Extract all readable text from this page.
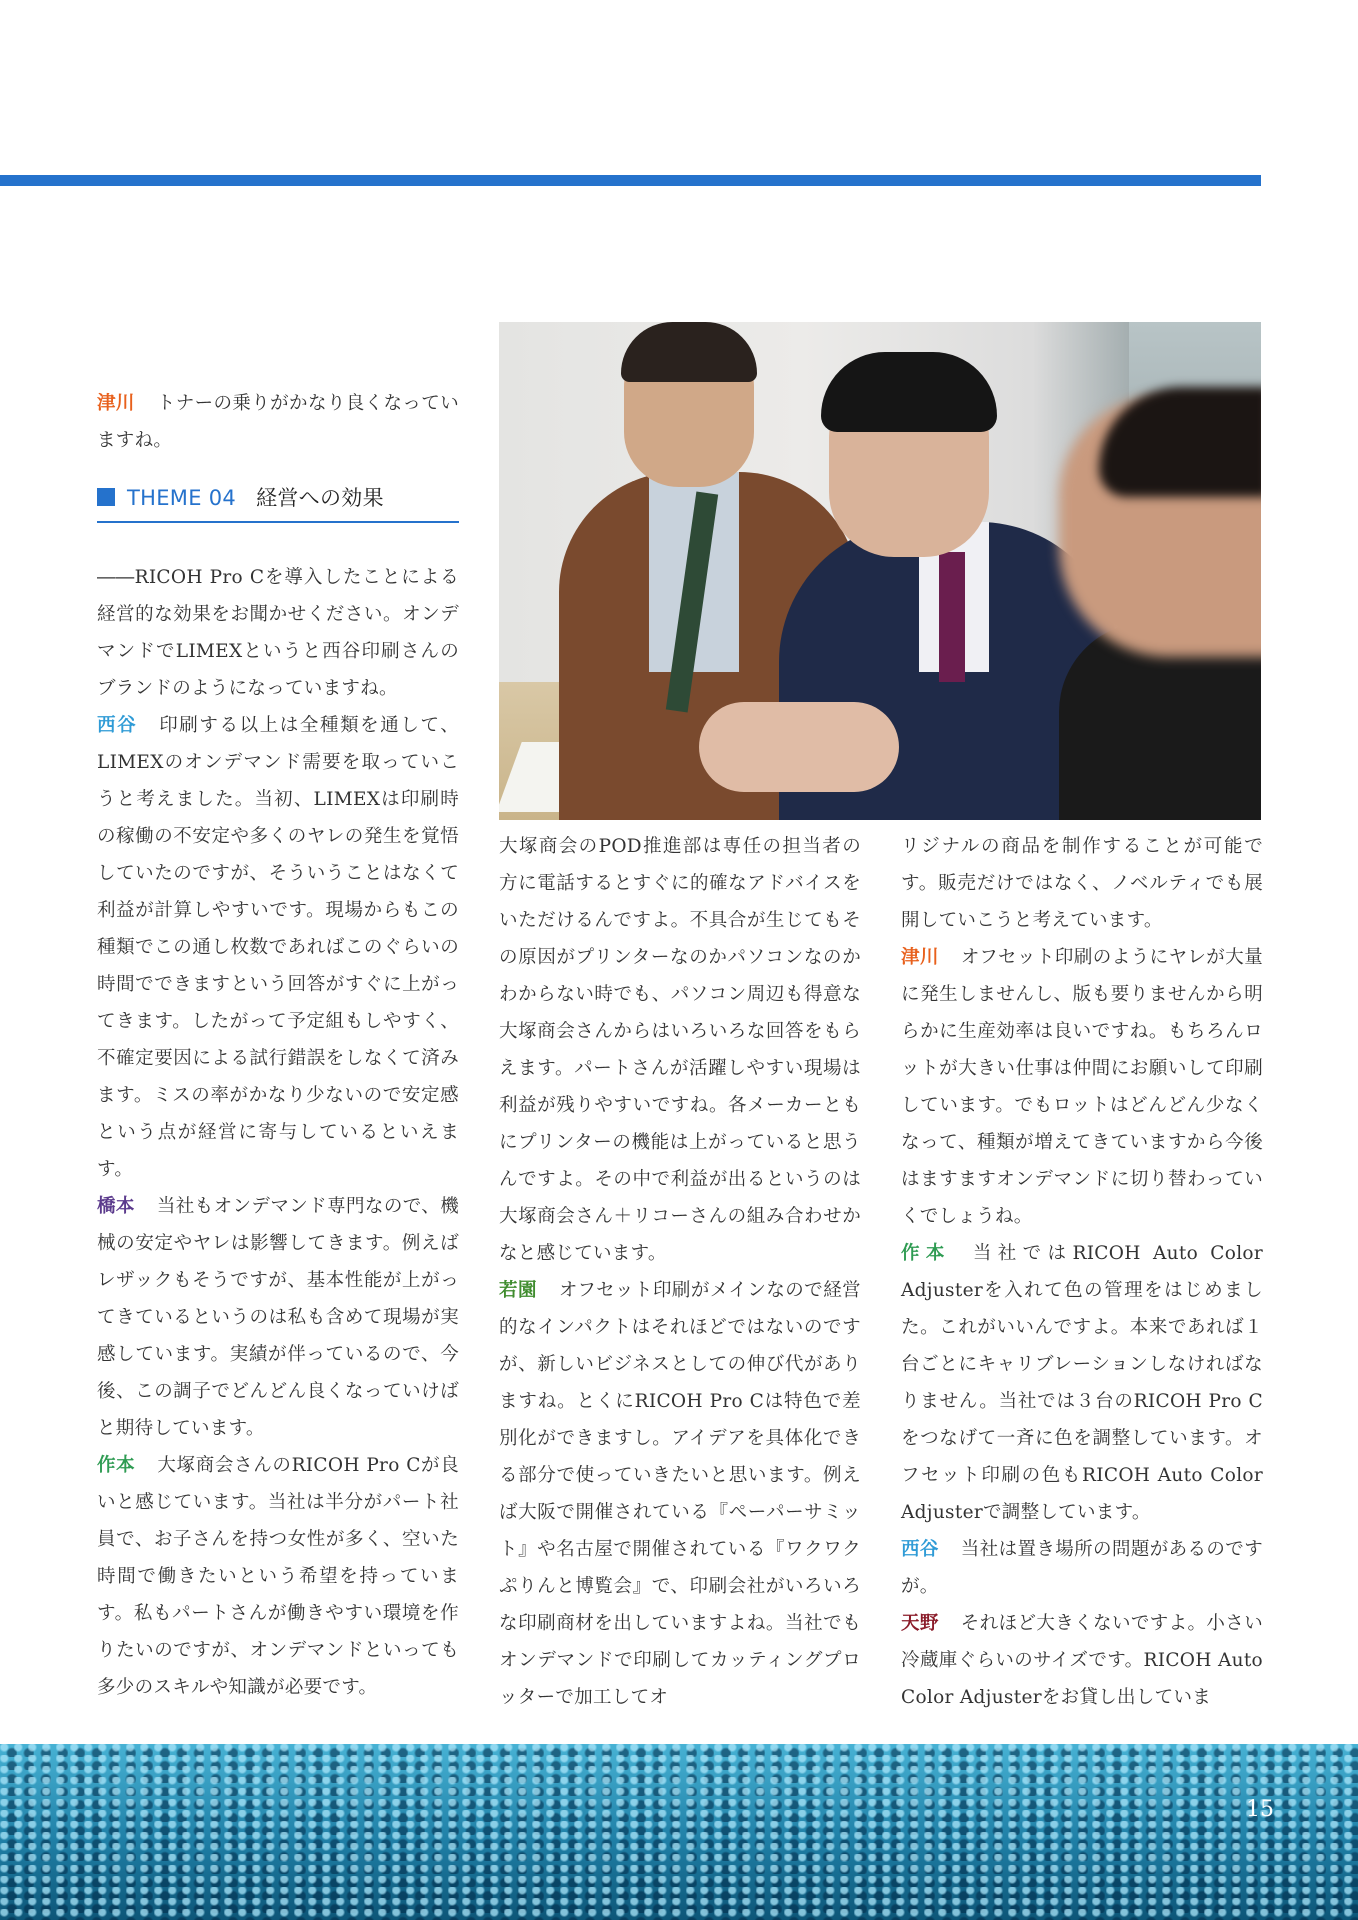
津川 トナーの乗りがかなり良くなっていますね。

THEME 04 経営への効果

――RICOH Pro Cを導入したことによる経営的な効果をお聞かせください。オンデマンドでLIMEXというと西谷印刷さんのブランドのようになっていますね。

西谷 印刷する以上は全種類を通して、LIMEXのオンデマンド需要を取っていこうと考えました。当初、LIMEXは印刷時の稼働の不安定や多くのヤレの発生を覚悟していたのですが、そういうことはなくて利益が計算しやすいです。現場からもこの種類でこの通し枚数であればこのぐらいの時間でできますという回答がすぐに上がってきます。したがって予定組もしやすく、不確定要因による試行錯誤をしなくて済みます。ミスの率がかなり少ないので安定感という点が経営に寄与しているといえます。

橋本 当社もオンデマンド専門なので、機械の安定やヤレは影響してきます。例えばレザックもそうですが、基本性能が上がってきているというのは私も含めて現場が実感しています。実績が伴っているので、今後、この調子でどんどん良くなっていけばと期待しています。

作本 大塚商会さんのRICOH Pro Cが良いと感じています。当社は半分がパート社員で、お子さんを持つ女性が多く、空いた時間で働きたいという希望を持っています。私もパートさんが働きやすい環境を作りたいのですが、オンデマンドといっても多少のスキルや知識が必要です。

大塚商会のPOD推進部は専任の担当者の方に電話するとすぐに的確なアドバイスをいただけるんですよ。不具合が生じてもその原因がプリンターなのかパソコンなのかわからない時でも、パソコン周辺も得意な大塚商会さんからはいろいろな回答をもらえます。パートさんが活躍しやすい現場は利益が残りやすいですね。各メーカーともにプリンターの機能は上がっていると思うんですよ。その中で利益が出るというのは大塚商会さん＋リコーさんの組み合わせかなと感じています。

若園 オフセット印刷がメインなので経営的なインパクトはそれほどではないのですが、新しいビジネスとしての伸び代がありますね。とくにRICOH Pro Cは特色で差別化ができますし。アイデアを具体化できる部分で使っていきたいと思います。例えば大阪で開催されている『ペーパーサミット』や名古屋で開催されている『ワクワクぷりんと博覧会』で、印刷会社がいろいろな印刷商材を出していますよね。当社でもオンデマンドで印刷してカッティングプロッターで加工してオ

リジナルの商品を制作することが可能です。販売だけではなく、ノベルティでも展開していこうと考えています。

津川 オフセット印刷のようにヤレが大量に発生しませんし、版も要りませんから明らかに生産効率は良いですね。もちろんロットが大きい仕事は仲間にお願いして印刷しています。でもロットはどんどん少なくなって、種類が増えてきていますから今後はますますオンデマンドに切り替わっていくでしょうね。

作本 当社ではRICOH Auto Color Adjusterを入れて色の管理をはじめました。これがいいんですよ。本来であれば１台ごとにキャリブレーションしなければなりません。当社では３台のRICOH Pro Cをつなげて一斉に色を調整しています。オフセット印刷の色もRICOH Auto Color Adjusterで調整しています。

西谷 当社は置き場所の問題があるのですが。

天野 それほど大きくないですよ。小さい冷蔵庫ぐらいのサイズです。RICOH Auto Color Adjusterをお貸し出していま

15
